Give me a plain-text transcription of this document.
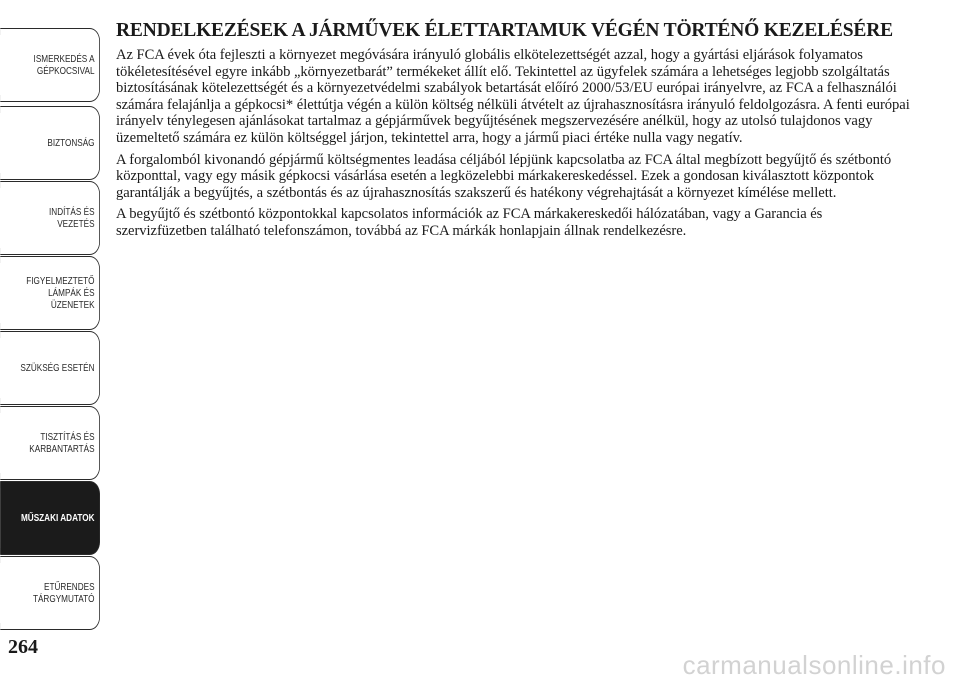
ISMERKEDÉS A
GÉPKOCSIVAL
BIZTONSÁG
INDÍTÁS ÉS
VEZETÉS
FIGYELMEZTETŐ
LÁMPÁK ÉS
ÜZENETEK
SZÜKSÉG ESETÉN
TISZTÍTÁS ÉS
KARBANTARTÁS
MŰSZAKI ADATOK
ETŰRENDES
TÁRGYMUTATÓ
264
RENDELKEZÉSEK A JÁRMŰVEK ÉLETTARTAMUK VÉGÉN TÖRTÉNŐ KEZELÉSÉRE

Az FCA évek óta fejleszti a környezet megóvására irányuló globális elkötelezettségét azzal, hogy a gyártási eljárások folyamatos tökéletesítésével egyre inkább „környezetbarát” termékeket állít elő. Tekintettel az ügyfelek számára a lehetséges legjobb szolgáltatás biztosításának kötelezettségét és a környezetvédelmi szabályok betartását előíró 2000/53/EU európai irányelvre, az FCA a felhasználói számára felajánlja a gépkocsi* élettútja végén a külön költség nélküli átvételt az újrahasznosításra irányuló feldolgozásra. A fenti európai irányelv ténylegesen ajánlásokat tartalmaz a gépjárművek begyűjtésének megszervezésére anélkül, hogy az utolsó tulajdonos vagy üzemeltető számára ez külön költséggel járjon, tekintettel arra, hogy a jármű piaci értéke nulla vagy negatív.

A forgalomból kivonandó gépjármű költségmentes leadása céljából lépjünk kapcsolatba az FCA által megbízott begyűjtő és szétbontó központtal, vagy egy másik gépkocsi vásárlása esetén a legközelebbi márkakereskedéssel. Ezek a gondosan kiválasztott központok garantálják a begyűjtés, a szétbontás és az újrahasznosítás szakszerű és hatékony végrehajtását a környezet kímélése mellett.

A begyűjtő és szétbontó központokkal kapcsolatos információk az FCA márkakereskedői hálózatában, vagy a Garancia és szervizfüzetben található telefonszámon, továbbá az FCA márkák honlapjain állnak rendelkezésre.

carmanualsonline.info
